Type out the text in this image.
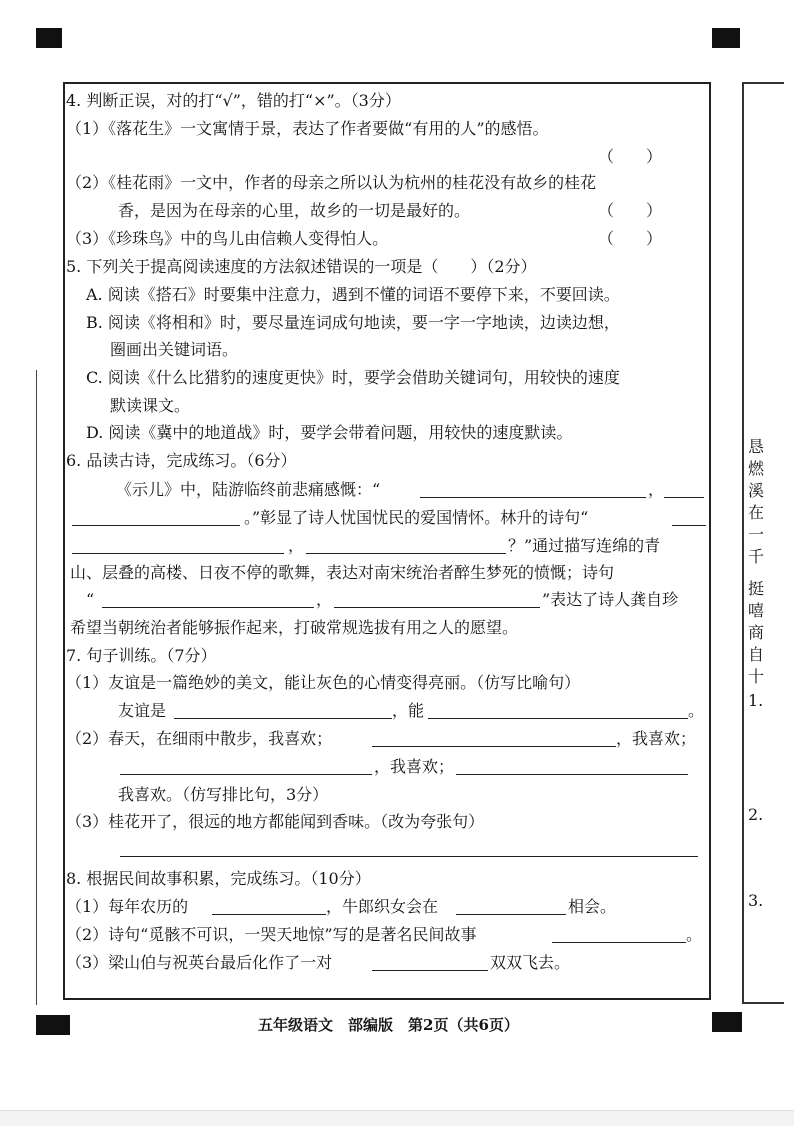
4. 判断正误，对的打“√”，错的打“×”。（3分）
（1）《落花生》一文寓情于景，表达了作者要做“有用的人”的感悟。
（　　）
（2）《桂花雨》一文中，作者的母亲之所以认为杭州的桂花没有故乡的桂花
香，是因为在母亲的心里，故乡的一切是最好的。	（　　）
（3）《珍珠鸟》中的鸟儿由信赖人变得怕人。	（　　）
5. 下列关于提高阅读速度的方法叙述错误的一项是（　　）（2分）
A. 阅读《搭石》时要集中注意力，遇到不懂的词语不要停下来，不要回读。
B. 阅读《将相和》时，要尽量连词成句地读，要一字一字地读，边读边想，
圈画出关键词语。
C. 阅读《什么比猎豹的速度更快》时，要学会借助关键词句，用较快的速度
默读课文。
D. 阅读《冀中的地道战》时，要学会带着问题，用较快的速度默读。
6. 品读古诗，完成练习。（6分）
《示儿》中，陆游临终前悲痛感慨：“	，
。”彰显了诗人忧国忧民的爱国情怀。林升的诗句“
，	？”通过描写连绵的青
山、层叠的高楼、日夜不停的歌舞，表达对南宋统治者醉生梦死的愤慨；诗句
“	，	”表达了诗人龚自珍
希望当朝统治者能够振作起来，打破常规选拔有用之人的愿望。
7. 句子训练。（7分）
（1）友谊是一篇绝妙的美文，能让灰色的心情变得亮丽。（仿写比喻句）
友谊是	，能	。
（2）春天，在细雨中散步，我喜欢；	，我喜欢；
，我喜欢；
我喜欢。（仿写排比句，3分）
（3）桂花开了，很远的地方都能闻到香味。（改为夸张句）
8. 根据民间故事积累，完成练习。（10分）
（1）每年农历的	，牛郎织女会在	相会。
（2）诗句“觅骸不可识，一哭天地惊”写的是著名民间故事	。
（3）梁山伯与祝英台最后化作了一对	双双飞去。
恳
燃
溪
在
一
千
挺
嘻
商
自
十
1.
2.
3.
五年级语文　部编版　第2页（共6页）
